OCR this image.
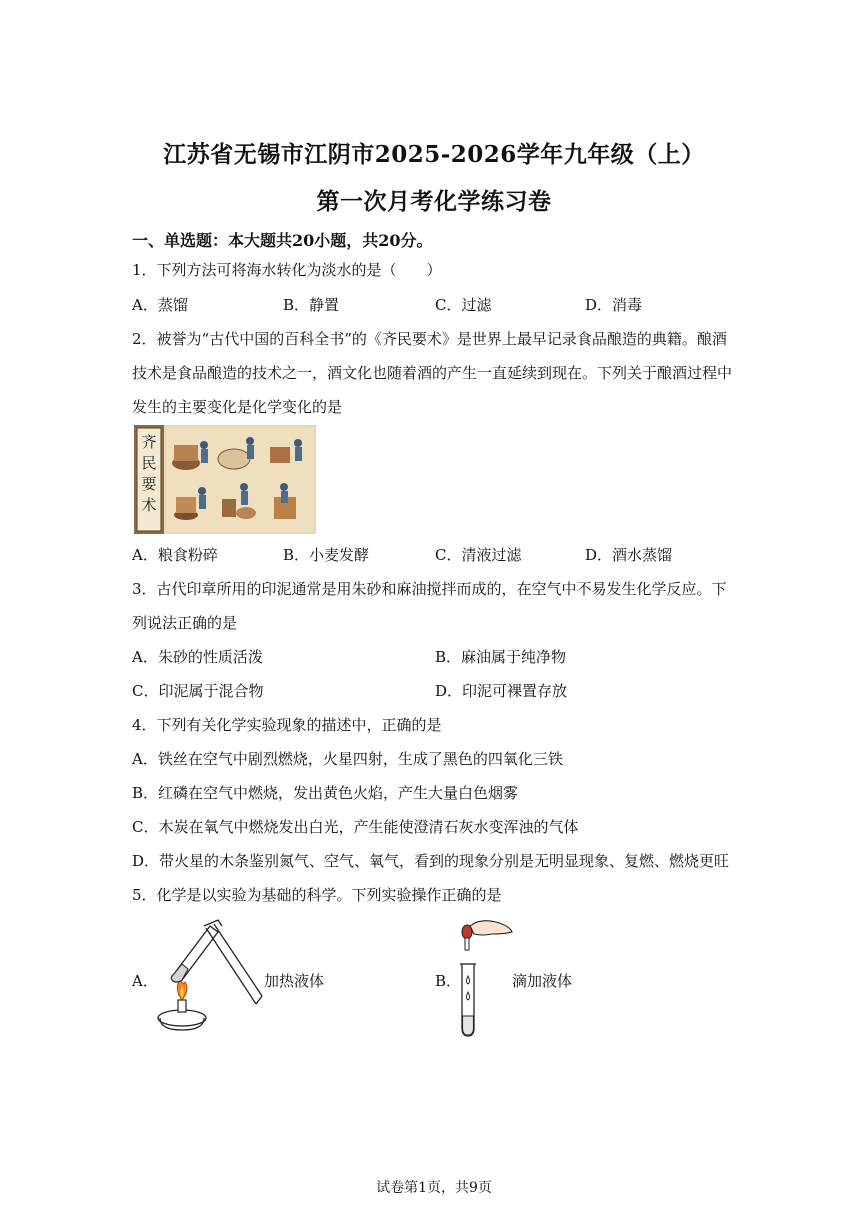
江苏省无锡市江阴市2025-2026学年九年级（上）
第一次月考化学练习卷
一、单选题：本大题共20小题，共20分。
1．下列方法可将海水转化为淡水的是（　　）
A．蒸馏	B．静置	C．过滤	D．消毒
2．被誉为“古代中国的百科全书”的《齐民要术》是世界上最早记录食品酿造的典籍。酿酒
技术是食品酿造的技术之一，酒文化也随着酒的产生一直延续到现在。下列关于酿酒过程中
发生的主要变化是化学变化的是
齐
民
要
术
A．粮食粉碎	B．小麦发酵	C．清液过滤	D．酒水蒸馏
3．古代印章所用的印泥通常是用朱砂和麻油搅拌而成的，在空气中不易发生化学反应。下
列说法正确的是
A．朱砂的性质活泼	B．麻油属于纯净物
C．印泥属于混合物	D．印泥可裸置存放
4．下列有关化学实验现象的描述中，正确的是
A．铁丝在空气中剧烈燃烧，火星四射，生成了黑色的四氧化三铁
B．红磷在空气中燃烧，发出黄色火焰，产生大量白色烟雾
C．木炭在氧气中燃烧发出白光，产生能使澄清石灰水变浑浊的气体
D．带火星的木条鉴别氮气、空气、氧气，看到的现象分别是无明显现象、复燃、燃烧更旺
5．化学是以实验为基础的科学。下列实验操作正确的是
A．	加热液体	B．	滴加液体
试卷第1页，共9页
